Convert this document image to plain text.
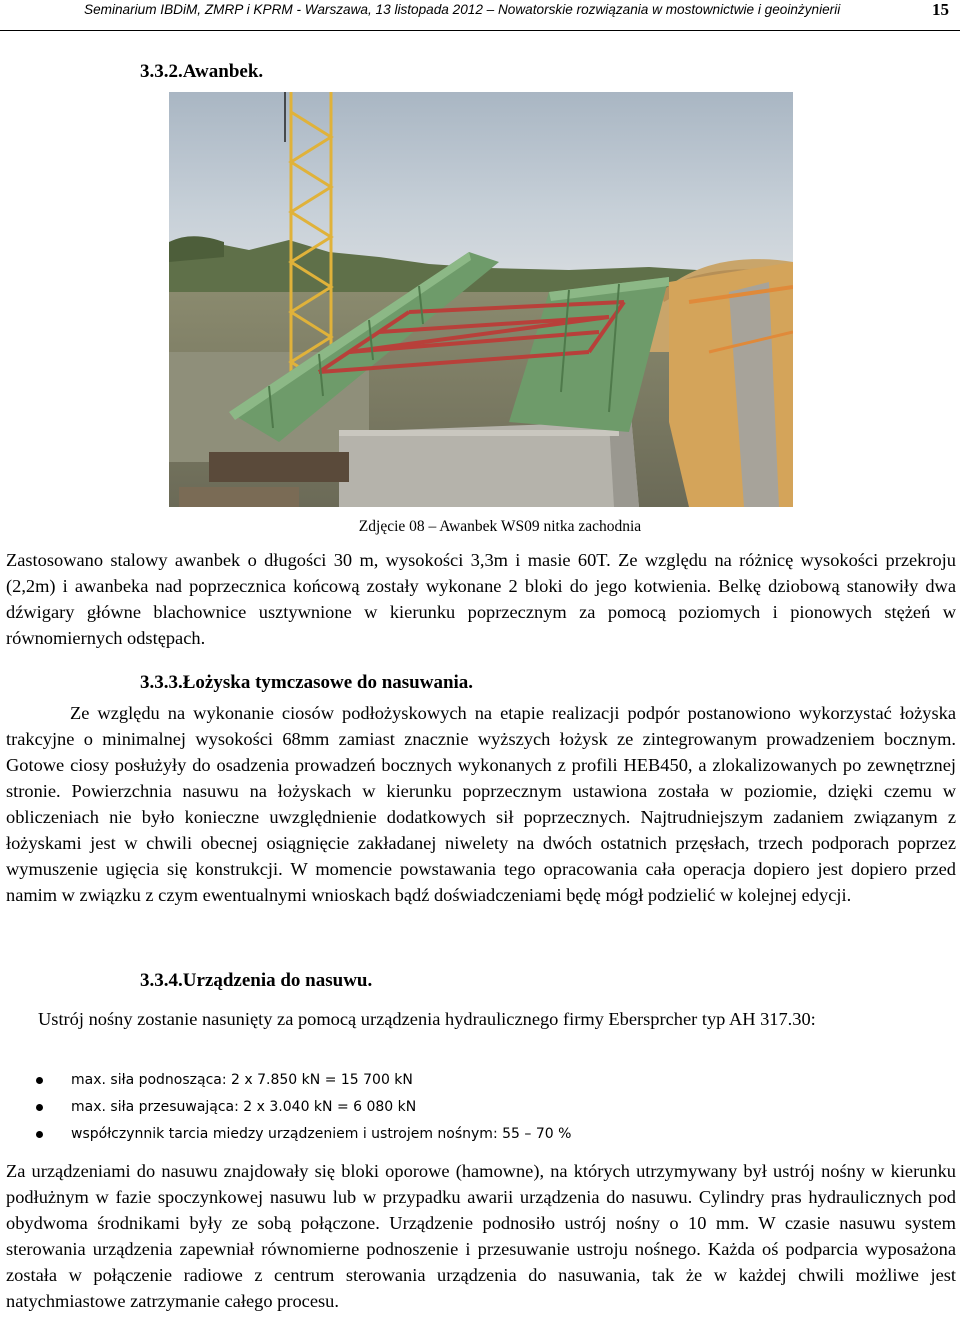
Seminarium IBDiM, ZMRP i KPRM - Warszawa, 13 listopada 2012 – Nowatorskie rozwiązania w mostownictwie i geoinżynierii	15
3.3.2.Awanbek.
Zdjęcie 08 – Awanbek WS09 nitka zachodnia

Zastosowano stalowy awanbek o długości 30 m, wysokości 3,3m i masie 60T. Ze względu na różnicę wysokości przekroju (2,2m) i awanbeka nad poprzecznica końcową zostały wykonane 2 bloki do jego kotwienia. Belkę dziobową stanowiły dwa dźwigary główne blachownice usztywnione w kierunku poprzecznym za pomocą poziomych i pionowych stężeń w równomiernych odstępach.

3.3.3.Łożyska tymczasowe do nasuwania.

Ze względu na wykonanie ciosów podłożyskowych na etapie realizacji podpór postanowiono wykorzystać łożyska trakcyjne o minimalnej wysokości 68mm zamiast znacznie wyższych łożysk ze zintegrowanym prowadzeniem bocznym. Gotowe ciosy posłużyły do osadzenia prowadzeń bocznych wykonanych z profili HEB450, a zlokalizowanych po zewnętrznej stronie. Powierzchnia nasuwu na łożyskach w kierunku poprzecznym ustawiona została w poziomie, dzięki czemu w obliczeniach nie było konieczne uwzględnienie dodatkowych sił poprzecznych. Najtrudniejszym zadaniem związanym z łożyskami jest w chwili obecnej osiągnięcie zakładanej niwelety na dwóch ostatnich przęsłach, trzech podporach poprzez wymuszenie ugięcia się konstrukcji. W momencie powstawania tego opracowania cała operacja dopiero jest dopiero przed namim w związku z czym ewentualnymi wnioskach bądź doświadczeniami będę mógł podzielić w kolejnej edycji.

3.3.4.Urządzenia do nasuwu.

Ustrój nośny zostanie nasunięty za pomocą urządzenia hydraulicznego firmy Ebersprcher typ AH 317.30:

max. siła podnosząca: 2 x 7.850 kN = 15 700 kN
max. siła przesuwająca: 2 x 3.040 kN = 6 080 kN
współczynnik tarcia miedzy urządzeniem i ustrojem nośnym: 55 – 70 %

Za urządzeniami do nasuwu znajdowały się bloki oporowe (hamowne), na których utrzymywany był ustrój nośny w kierunku podłużnym w fazie spoczynkowej nasuwu lub w przypadku awarii urządzenia do nasuwu. Cylindry pras hydraulicznych pod obydwoma środnikami były ze sobą połączone. Urządzenie podnosiło ustrój nośny o 10 mm. W czasie nasuwu system sterowania urządzenia zapewniał równomierne podnoszenie i przesuwanie ustroju nośnego. Każda oś podparcia wyposażona została w połączenie radiowe z centrum sterowania urządzenia do nasuwania, tak że w każdej chwili możliwe jest natychmiastowe zatrzymanie całego procesu.
